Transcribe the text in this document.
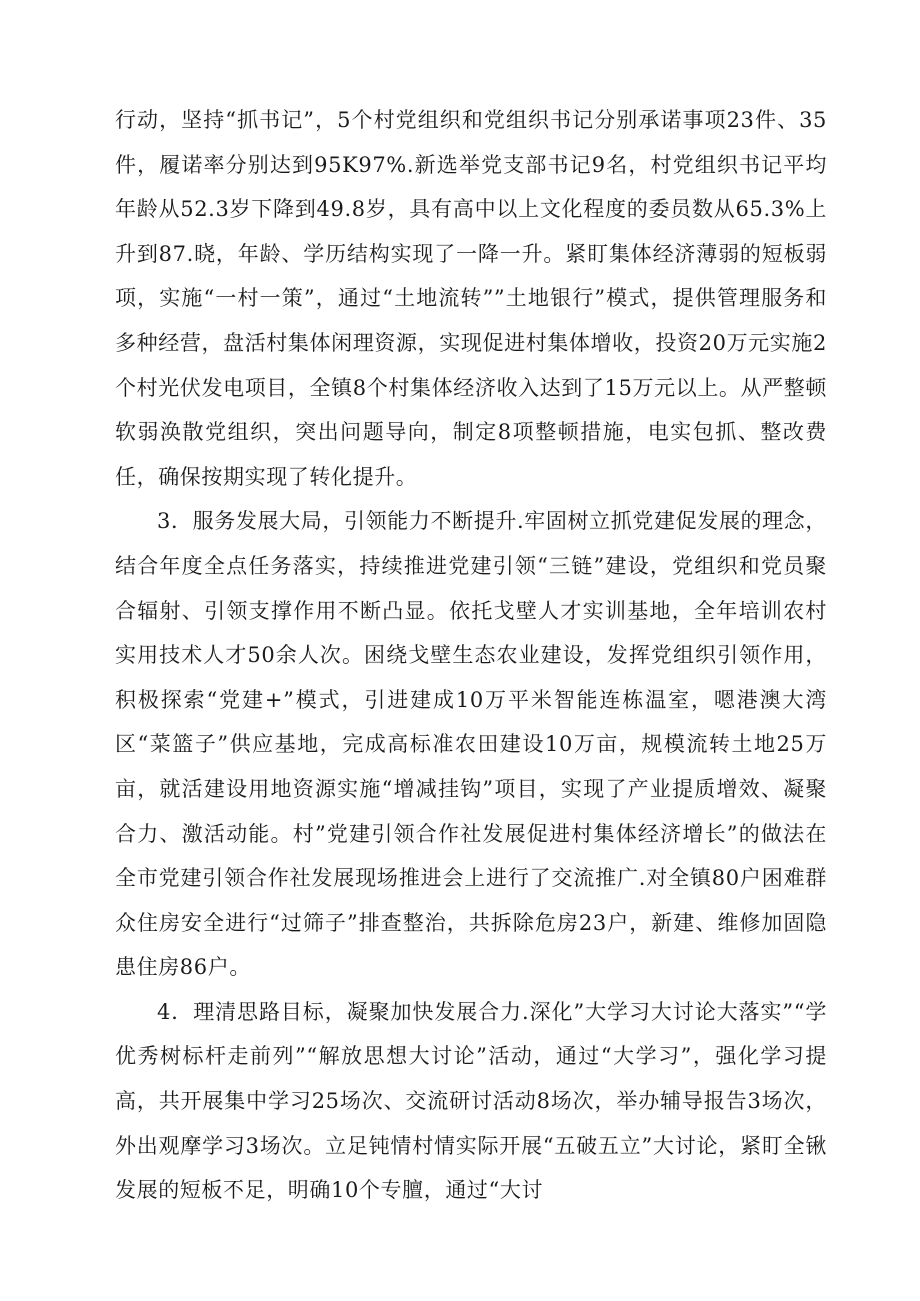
行动，坚持“抓书记”，5个村党组织和党组织书记分别承诺事项23件、35件，履诺率分别达到95K97%.新选举党支部书记9名，村党组织书记平均年龄从52.3岁下降到49.8岁，具有高中以上文化程度的委员数从65.3%上升到87.晓，年龄、学历结构实现了一降一升。紧盯集体经济薄弱的短板弱项，实施“一村一策”，通过“土地流转””土地银行”模式，提供管理服务和多种经营，盘活村集体闲理资源，实现促进村集体增收，投资20万元实施2个村光伏发电项目，全镇8个村集体经济收入达到了15万元以上。从严整顿软弱涣散党组织，突出问题导向，制定8项整顿措施，电实包抓、整改费任，确保按期实现了转化提升。

3．服务发展大局，引领能力不断提升.牢固树立抓党建促发展的理念，结合年度全点任务落实，持续推进党建引领“三链”建设，党组织和党员聚合辐射、引领支撑作用不断凸显。依托戈壁人才实训基地，全年培训农村实用技术人才50余人次。困绕戈壁生态农业建设，发挥党组织引领作用，积极探索“党建+”模式，引进建成10万平米智能连栋温室，嗯港澳大湾区“菜篮子”供应基地，完成高标准农田建设10万亩，规模流转土地25万亩，就活建设用地资源实施“增减挂钩”项目，实现了产业提质增效、凝聚合力、激活动能。村”党建引领合作社发展促进村集体经济增长”的做法在全市党建引领合作社发展现场推进会上进行了交流推广.对全镇80户困难群众住房安全进行“过筛子”排查整治，共拆除危房23户，新建、维修加固隐患住房86户。

4．理清思路目标，凝聚加快发展合力.深化”大学习大讨论大落实”“学优秀树标杆走前列”“解放思想大讨论”活动，通过“大学习”，强化学习提高，共开展集中学习25场次、交流研讨活动8场次，举办辅导报告3场次，外出观摩学习3场次。立足钝情村情实际开展“五破五立”大讨论，紧盯全锹发展的短板不足，明确10个专膻，通过“大讨
